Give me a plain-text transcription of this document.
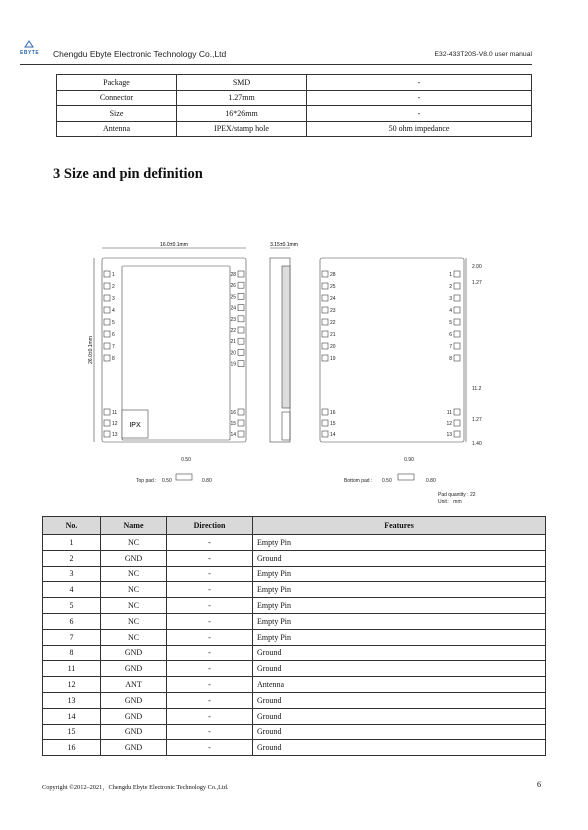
EBYTE Chengdu Ebyte Electronic Technology Co.,Ltd	E32-433T20S-V8.0 user manual
Package	SMD	-
Connector	1.27mm	-
Size	16*26mm	-
Antenna	IPEX/stamp hole	50 ohm impedance
3 Size and pin definition
IPX
16.0±0.1mm
26.0±0.1mm
3.15±0.1mm
1
2
3
4
5
6
7
8
11
12
13
28
26
25
24
23
22
21
20
19
16
15
14
28
25
24
23
22
21
20
19
16
15
14
1
2
3
4
5
6
7
8
11
12
13
2.00
1.27
11.2
1.27
1.40
0.50
Top pad : 0.50	0.80
0.90
Bottom pad : 0.50	0.80
Pad quantity : 22
Unit： mm
No.	Name	Direction	Features
1	NC	-	Empty Pin
2	GND	-	Ground
3	NC	-	Empty Pin
4	NC	-	Empty Pin
5	NC	-	Empty Pin
6	NC	-	Empty Pin
7	NC	-	Empty Pin
8	GND	-	Ground
11	GND	-	Ground
12	ANT	-	Antenna
13	GND	-	Ground
14	GND	-	Ground
15	GND	-	Ground
16	GND	-	Ground
Copyright ©2012–2021，Chengdu Ebyte Electronic Technology Co.,Ltd.	6
